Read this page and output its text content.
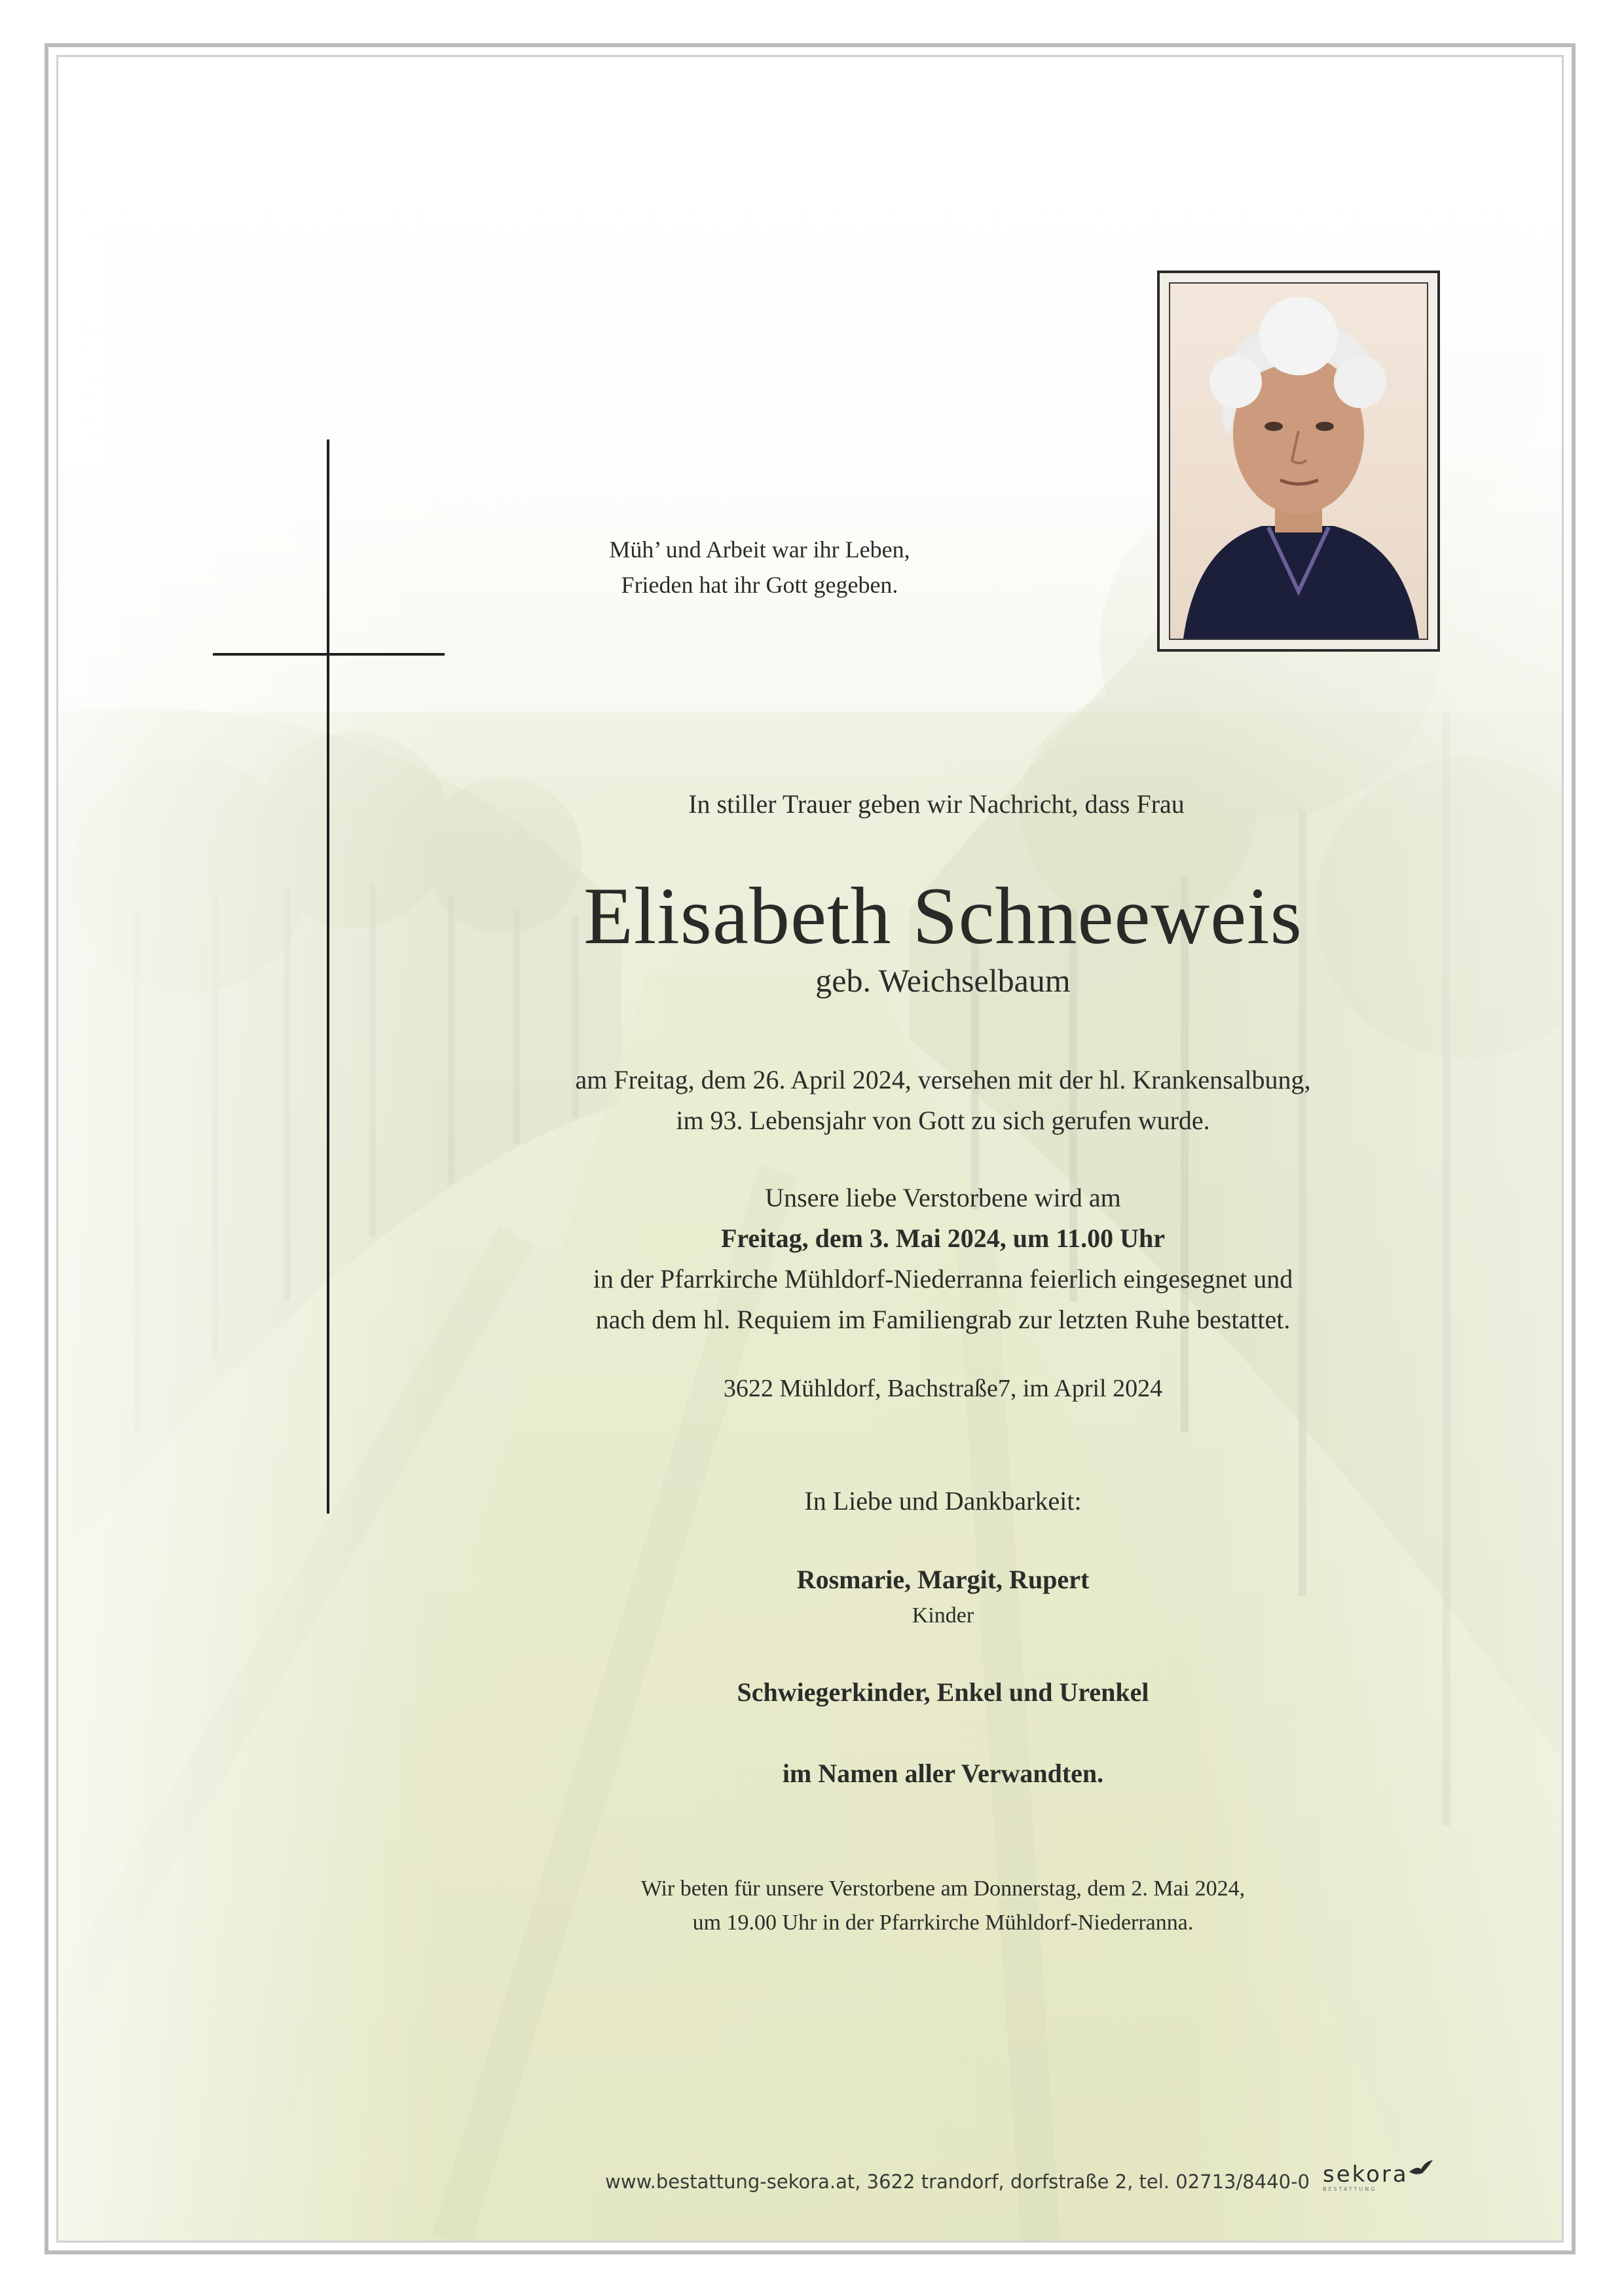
Müh’ und Arbeit war ihr Leben,
Frieden hat ihr Gott gegeben.
In stiller Trauer geben wir Nachricht, dass Frau
Elisabeth Schneeweis
geb. Weichselbaum
am Freitag, dem 26. April 2024, versehen mit der hl. Krankensalbung,
im 93. Lebensjahr von Gott zu sich gerufen wurde.
Unsere liebe Verstorbene wird am
Freitag, dem 3. Mai 2024, um 11.00 Uhr
in der Pfarrkirche Mühldorf-Niederranna feierlich eingesegnet und
nach dem hl. Requiem im Familiengrab zur letzten Ruhe bestattet.
3622 Mühldorf, Bachstraße7, im April 2024
In Liebe und Dankbarkeit:
Rosmarie, Margit, Rupert
Kinder
Schwiegerkinder, Enkel und Urenkel
im Namen aller Verwandten.
Wir beten für unsere Verstorbene am Donnerstag, dem 2. Mai 2024,
um 19.00 Uhr in der Pfarrkirche Mühldorf-Niederranna.
www.bestattung-sekora.at, 3622 trandorf, dorfstraße 2, tel. 02713/8440-0 sekora
BESTATTUNG
